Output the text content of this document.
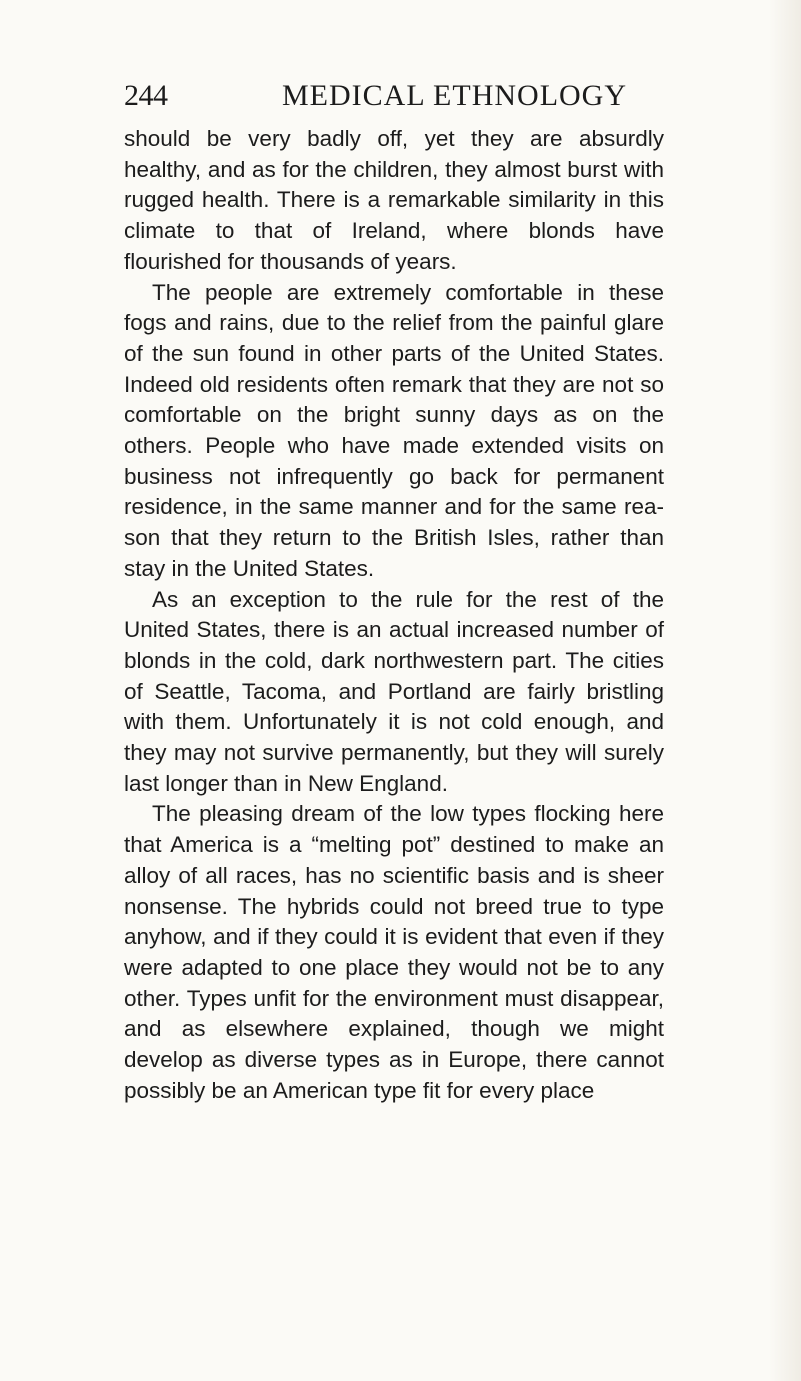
244	MEDICAL ETHNOLOGY

should be very badly off, yet they are absurdly healthy, and as for the children, they almost burst with rugged health. There is a remarkable similarity in this climate to that of Ireland, where blonds have flourished for thousands of years.

The people are extremely comfortable in these fogs and rains, due to the relief from the painful glare of the sun found in other parts of the United States. Indeed old residents often remark that they are not so comfortable on the bright sunny days as on the others. People who have made extended visits on business not infrequently go back for permanent residence, in the same manner and for the same reason that they return to the British Isles, rather than stay in the United States.

As an exception to the rule for the rest of the United States, there is an actual increased number of blonds in the cold, dark northwestern part. The cities of Seattle, Tacoma, and Portland are fairly bristling with them. Unfortunately it is not cold enough, and they may not survive permanently, but they will surely last longer than in New England.

The pleasing dream of the low types flocking here that America is a “melting pot” destined to make an alloy of all races, has no scientific basis and is sheer nonsense. The hybrids could not breed true to type anyhow, and if they could it is evident that even if they were adapted to one place they would not be to any other. Types unfit for the environment must disappear, and as elsewhere explained, though we might develop as diverse types as in Europe, there cannot possibly be an American type fit for every place
